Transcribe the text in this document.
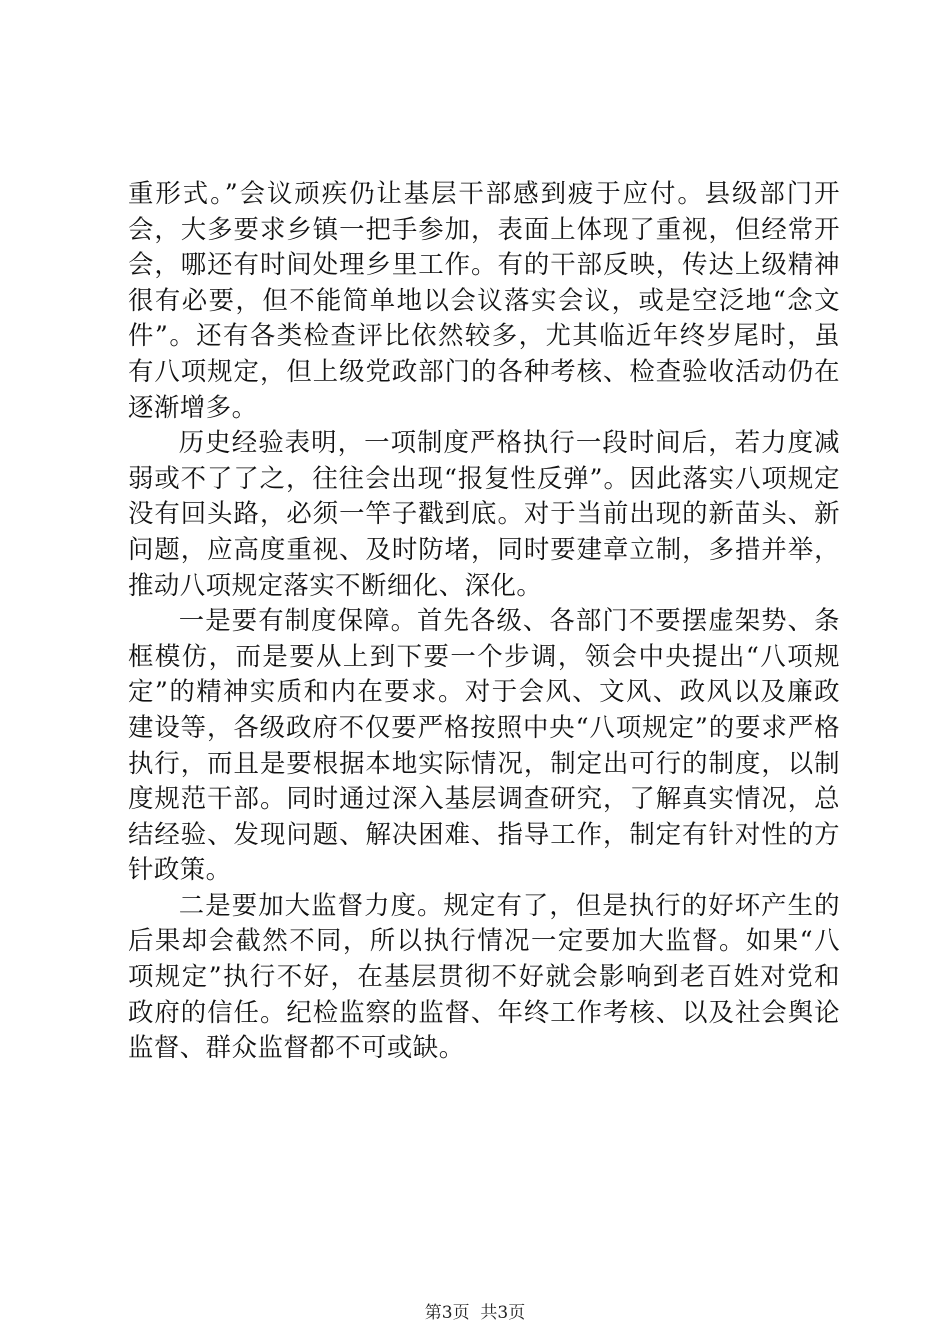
重形式。”会议顽疾仍让基层干部感到疲于应付。县级部门开会，大多要求乡镇一把手参加，表面上体现了重视，但经常开会，哪还有时间处理乡里工作。有的干部反映，传达上级精神很有必要，但不能简单地以会议落实会议，或是空泛地“念文件”。还有各类检查评比依然较多，尤其临近年终岁尾时，虽有八项规定，但上级党政部门的各种考核、检查验收活动仍在逐渐增多。

历史经验表明，一项制度严格执行一段时间后，若力度减弱或不了了之，往往会出现“报复性反弹”。因此落实八项规定没有回头路，必须一竿子戳到底。对于当前出现的新苗头、新问题，应高度重视、及时防堵，同时要建章立制，多措并举，推动八项规定落实不断细化、深化。

一是要有制度保障。首先各级、各部门不要摆虚架势、条框模仿，而是要从上到下要一个步调，领会中央提出“八项规定”的精神实质和内在要求。对于会风、文风、政风以及廉政建设等，各级政府不仅要严格按照中央“八项规定”的要求严格执行，而且是要根据本地实际情况，制定出可行的制度，以制度规范干部。同时通过深入基层调查研究，了解真实情况，总结经验、发现问题、解决困难、指导工作，制定有针对性的方针政策。

二是要加大监督力度。规定有了，但是执行的好坏产生的后果却会截然不同，所以执行情况一定要加大监督。如果“八项规定”执行不好，在基层贯彻不好就会影响到老百姓对党和政府的信任。纪检监察的监督、年终工作考核、以及社会舆论监督、群众监督都不可或缺。

第3页 共3页
